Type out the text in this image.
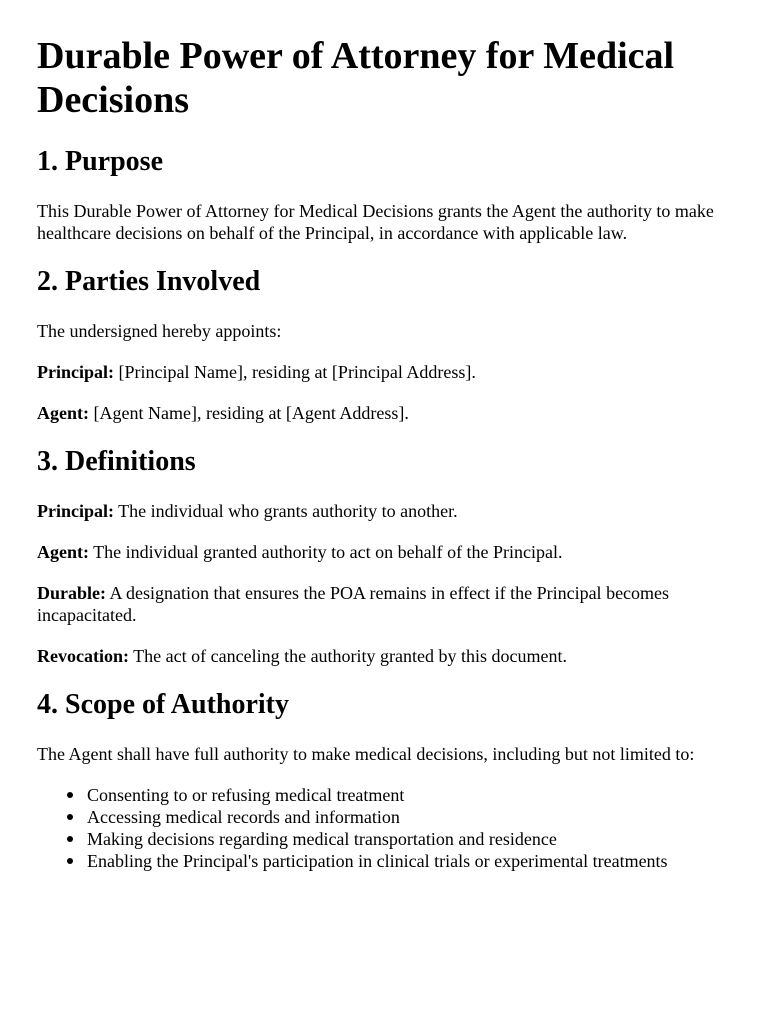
Durable Power of Attorney for Medical Decisions
1. Purpose

This Durable Power of Attorney for Medical Decisions grants the Agent the authority to make healthcare decisions on behalf of the Principal, in accordance with applicable law.

2. Parties Involved

The undersigned hereby appoints:

Principal: [Principal Name], residing at [Principal Address].

Agent: [Agent Name], residing at [Agent Address].

3. Definitions

Principal: The individual who grants authority to another.

Agent: The individual granted authority to act on behalf of the Principal.

Durable: A designation that ensures the POA remains in effect if the Principal becomes incapacitated.

Revocation: The act of canceling the authority granted by this document.

4. Scope of Authority

The Agent shall have full authority to make medical decisions, including but not limited to:

Consenting to or refusing medical treatment
Accessing medical records and information
Making decisions regarding medical transportation and residence
Enabling the Principal's participation in clinical trials or experimental treatments
